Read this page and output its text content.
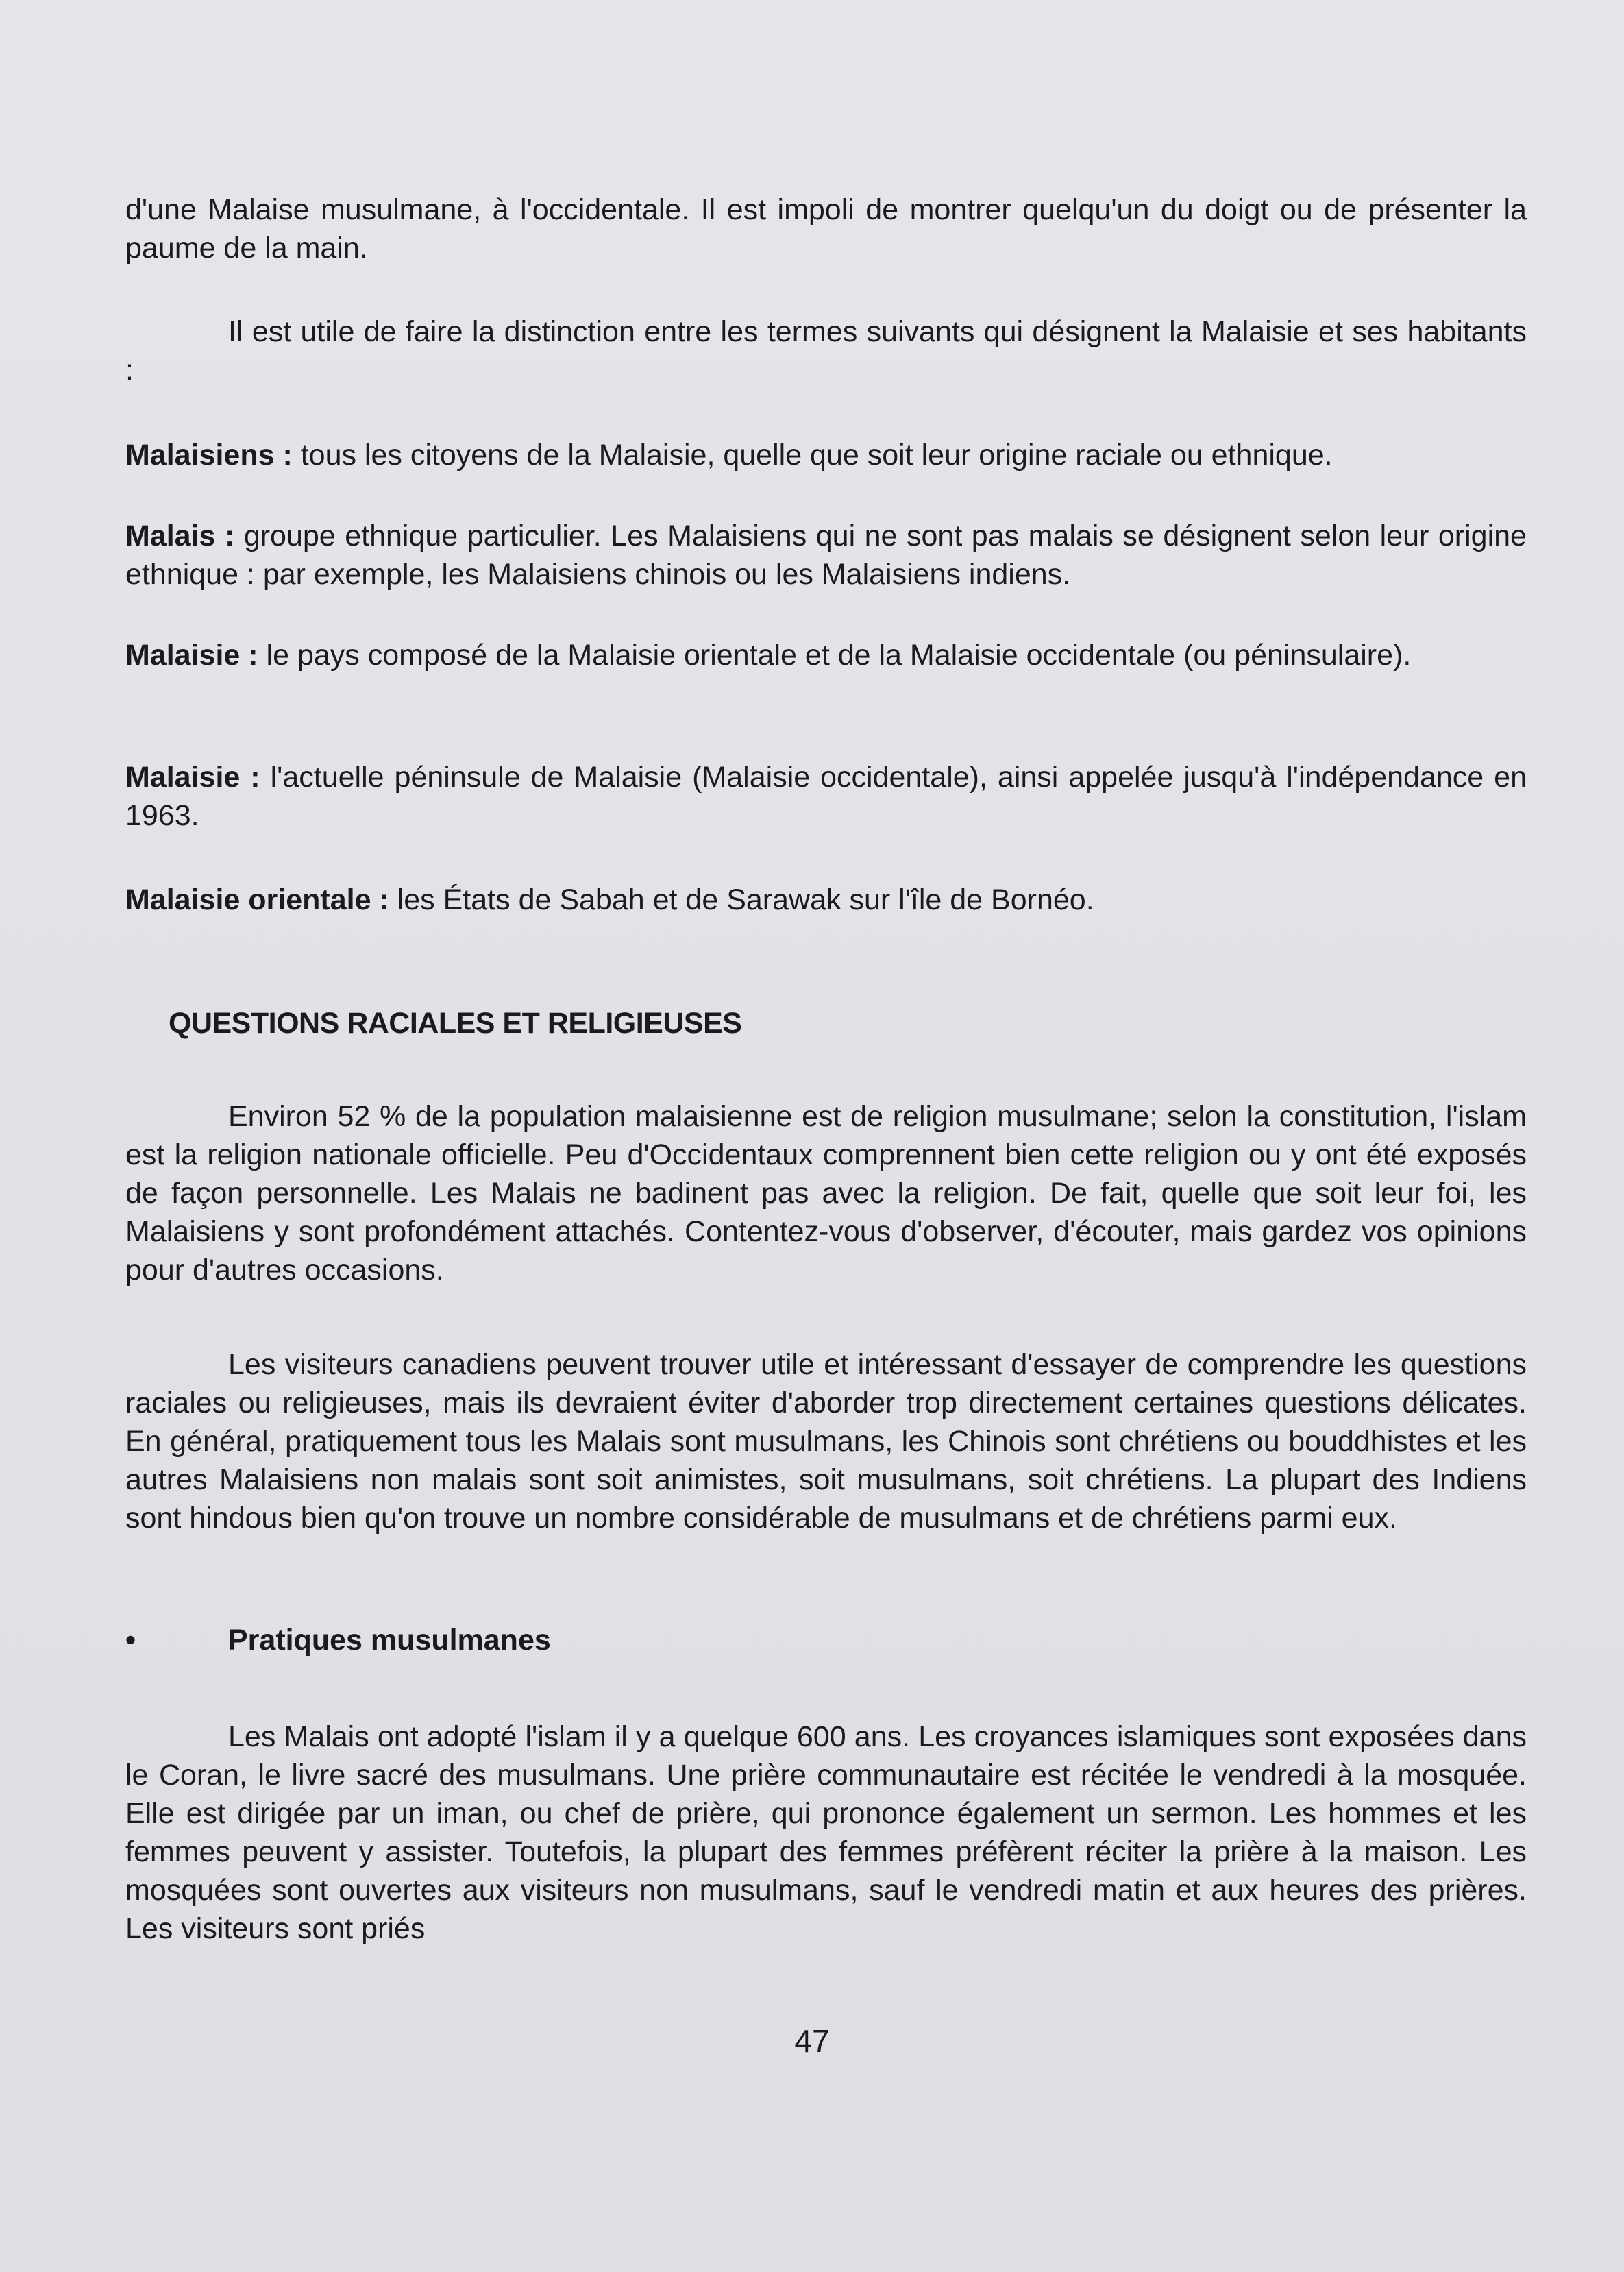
d'une Malaise musulmane, à l'occidentale. Il est impoli de montrer quelqu'un du doigt ou de présenter la paume de la main.

Il est utile de faire la distinction entre les termes suivants qui désignent la Malaisie et ses habitants :

Malaisiens : tous les citoyens de la Malaisie, quelle que soit leur origine raciale ou ethnique.

Malais : groupe ethnique particulier. Les Malaisiens qui ne sont pas malais se désignent selon leur origine ethnique : par exemple, les Malaisiens chinois ou les Malaisiens indiens.

Malaisie : le pays composé de la Malaisie orientale et de la Malaisie occidentale (ou péninsulaire).

Malaisie : l'actuelle péninsule de Malaisie (Malaisie occidentale), ainsi appelée jusqu'à l'indépendance en 1963.

Malaisie orientale : les États de Sabah et de Sarawak sur l'île de Bornéo.

QUESTIONS RACIALES ET RELIGIEUSES

Environ 52 % de la population malaisienne est de religion musulmane; selon la constitution, l'islam est la religion nationale officielle. Peu d'Occidentaux comprennent bien cette religion ou y ont été exposés de façon personnelle. Les Malais ne badinent pas avec la religion. De fait, quelle que soit leur foi, les Malaisiens y sont profondément attachés. Contentez-vous d'observer, d'écouter, mais gardez vos opinions pour d'autres occasions.

Les visiteurs canadiens peuvent trouver utile et intéressant d'essayer de comprendre les questions raciales ou religieuses, mais ils devraient éviter d'aborder trop directement certaines questions délicates. En général, pratiquement tous les Malais sont musulmans, les Chinois sont chrétiens ou bouddhistes et les autres Malaisiens non malais sont soit animistes, soit musulmans, soit chrétiens. La plupart des Indiens sont hindous bien qu'on trouve un nombre considérable de musulmans et de chrétiens parmi eux.

•	Pratiques musulmanes

Les Malais ont adopté l'islam il y a quelque 600 ans. Les croyances islamiques sont exposées dans le Coran, le livre sacré des musulmans. Une prière communautaire est récitée le vendredi à la mosquée. Elle est dirigée par un iman, ou chef de prière, qui prononce également un sermon. Les hommes et les femmes peuvent y assister. Toutefois, la plupart des femmes préfèrent réciter la prière à la maison. Les mosquées sont ouvertes aux visiteurs non musulmans, sauf le vendredi matin et aux heures des prières. Les visiteurs sont priés

47
